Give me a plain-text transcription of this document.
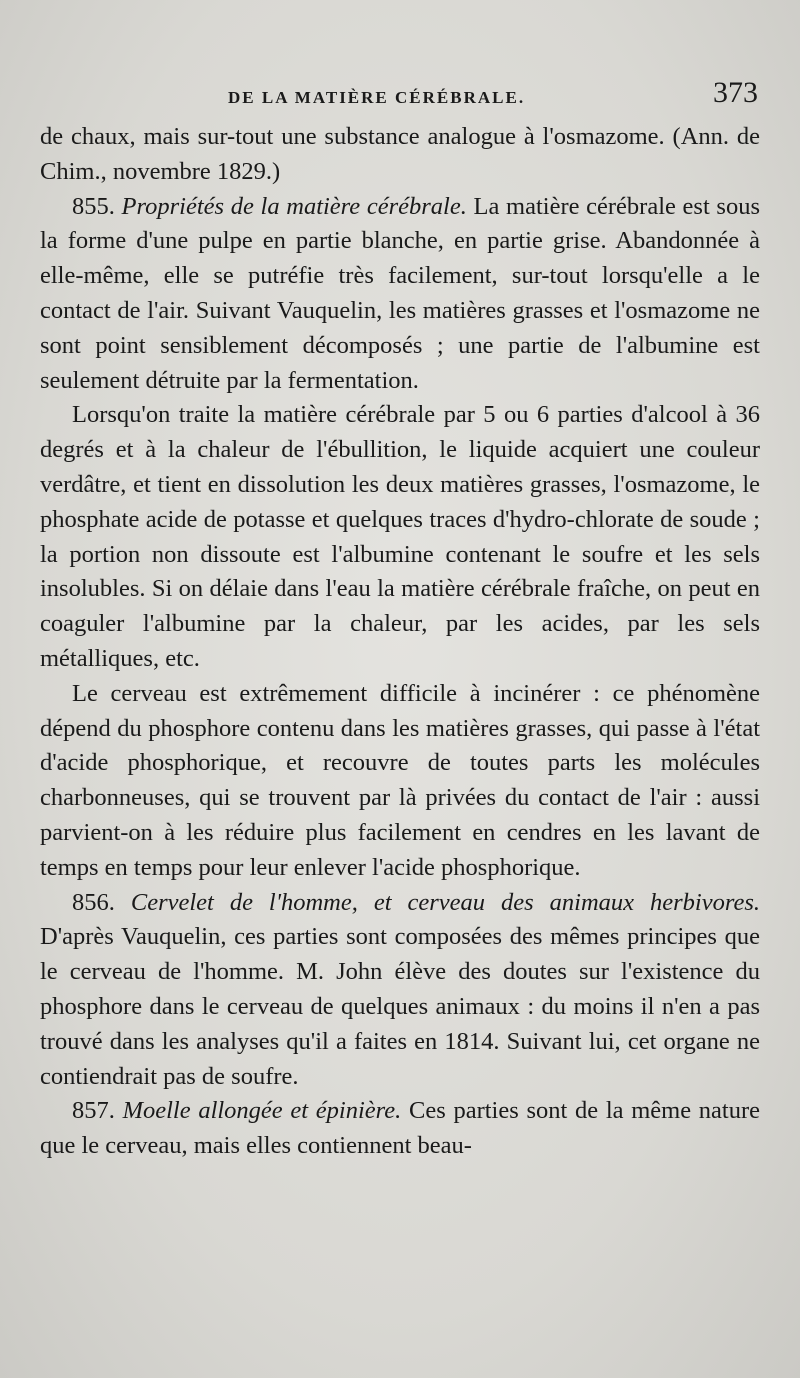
DE LA MATIÈRE CÉRÉBRALE.	373

de chaux, mais sur-tout une substance analogue à l'osmazome. (Ann. de Chim., novembre 1829.)

855. Propriétés de la matière cérébrale. La matière cérébrale est sous la forme d'une pulpe en partie blanche, en partie grise. Abandonnée à elle-même, elle se putréfie très facilement, sur-tout lorsqu'elle a le contact de l'air. Suivant Vauquelin, les matières grasses et l'osmazome ne sont point sensiblement décomposés ; une partie de l'albumine est seulement détruite par la fermentation.

Lorsqu'on traite la matière cérébrale par 5 ou 6 parties d'alcool à 36 degrés et à la chaleur de l'ébullition, le liquide acquiert une couleur verdâtre, et tient en dissolution les deux matières grasses, l'osmazome, le phosphate acide de potasse et quelques traces d'hydro-chlorate de soude ; la portion non dissoute est l'albumine contenant le soufre et les sels insolubles. Si on délaie dans l'eau la matière cérébrale fraîche, on peut en coaguler l'albumine par la chaleur, par les acides, par les sels métalliques, etc.

Le cerveau est extrêmement difficile à incinérer : ce phénomène dépend du phosphore contenu dans les matières grasses, qui passe à l'état d'acide phosphorique, et recouvre de toutes parts les molécules charbonneuses, qui se trouvent par là privées du contact de l'air : aussi parvient-on à les réduire plus facilement en cendres en les lavant de temps en temps pour leur enlever l'acide phosphorique.

856. Cervelet de l'homme, et cerveau des animaux herbivores. D'après Vauquelin, ces parties sont composées des mêmes principes que le cerveau de l'homme. M. John élève des doutes sur l'existence du phosphore dans le cerveau de quelques animaux : du moins il n'en a pas trouvé dans les analyses qu'il a faites en 1814. Suivant lui, cet organe ne contiendrait pas de soufre.

857. Moelle allongée et épinière. Ces parties sont de la même nature que le cerveau, mais elles contiennent beau-
